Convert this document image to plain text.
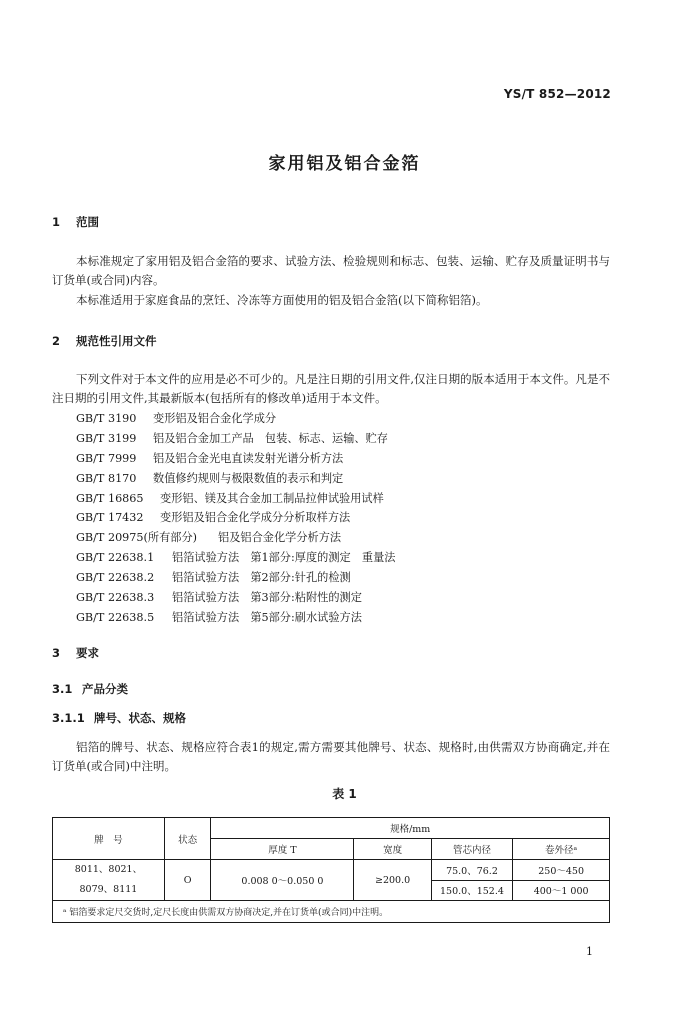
YS/T 852—2012
家用铝及铝合金箔
1 范围
本标准规定了家用铝及铝合金箔的要求、试验方法、检验规则和标志、包装、运输、贮存及质量证明书与订货单(或合同)内容。
本标准适用于家庭食品的烹饪、冷冻等方面使用的铝及铝合金箔(以下简称铝箔)。
2 规范性引用文件
下列文件对于本文件的应用是必不可少的。凡是注日期的引用文件,仅注日期的版本适用于本文件。凡是不注日期的引用文件,其最新版本(包括所有的修改单)适用于本文件。
GB/T 3190 变形铝及铝合金化学成分
GB/T 3199 铝及铝合金加工产品　包装、标志、运输、贮存
GB/T 7999 铝及铝合金光电直读发射光谱分析方法
GB/T 8170 数值修约规则与极限数值的表示和判定
GB/T 16865 变形铝、镁及其合金加工制品拉伸试验用试样
GB/T 17432 变形铝及铝合金化学成分分析取样方法
GB/T 20975(所有部分) 铝及铝合金化学分析方法
GB/T 22638.1 铝箔试验方法　第1部分:厚度的测定　重量法
GB/T 22638.2 铝箔试验方法　第2部分:针孔的检测
GB/T 22638.3 铝箔试验方法　第3部分:粘附性的测定
GB/T 22638.5 铝箔试验方法　第5部分:刷水试验方法
3 要求
3.1 产品分类
3.1.1 牌号、状态、规格
铝箔的牌号、状态、规格应符合表1的规定,需方需要其他牌号、状态、规格时,由供需双方协商确定,并在订货单(或合同)中注明。
表 1
牌　号	状态	规格/mm			
		厚度 T	宽度	管芯内径	卷外径ᵃ

8011、8021、
8079、8111	O	0.008 0～0.050 0	≥200.0	75.0、76.2	250～450
				150.0、152.4	400～1 000
ᵃ 铝箔要求定尺交货时,定尺长度由供需双方协商决定,并在订货单(或合同)中注明。					
1
